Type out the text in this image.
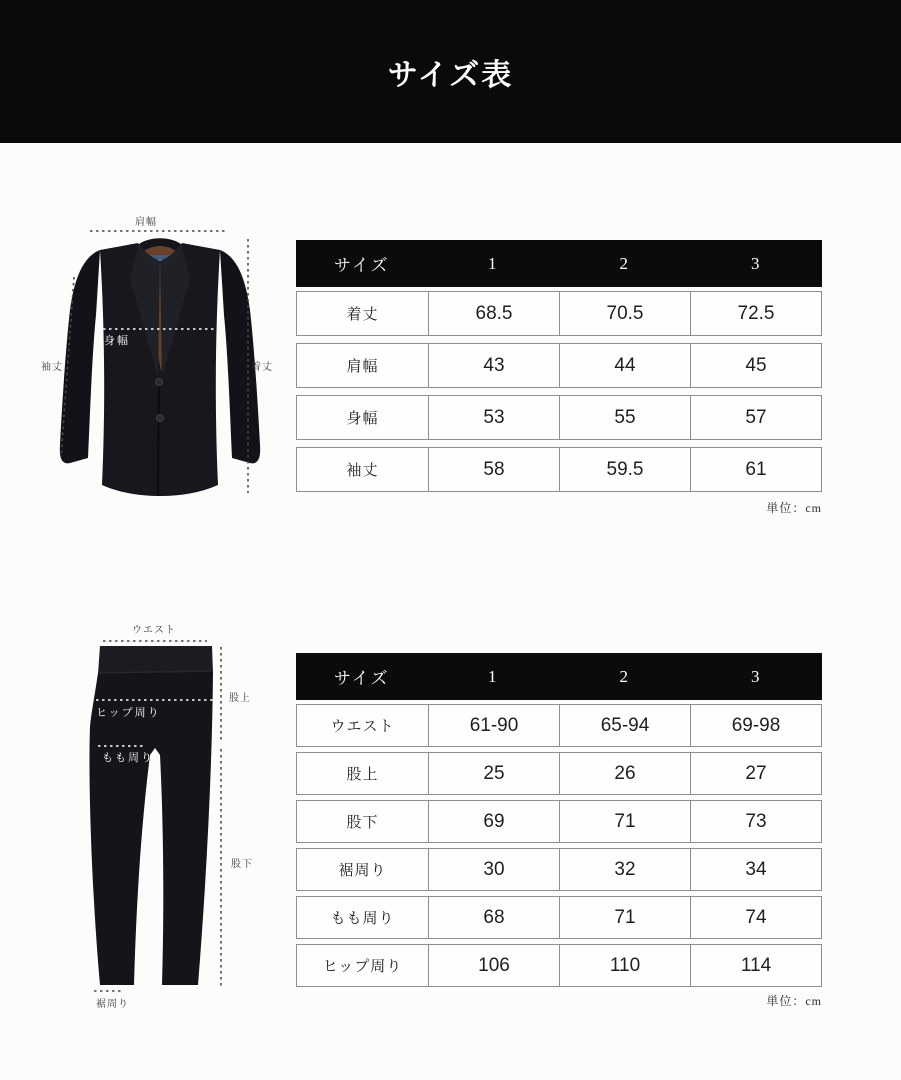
サイズ表
肩幅
袖丈	着丈
身幅
サイズ	1	2	3
着丈	68.5	70.5	72.5
肩幅	43	44	45
身幅	53	55	57
袖丈	58	59.5	61
単位：cm
ウエスト
股上
ヒップ周り
もも周り
股下
裾周り
サイズ	1	2	3
ウエスト	61-90	65-94	69-98
股上	25	26	27
股下	69	71	73
裾周り	30	32	34
もも周り	68	71	74
ヒップ周り	106	110	114
単位：cm
